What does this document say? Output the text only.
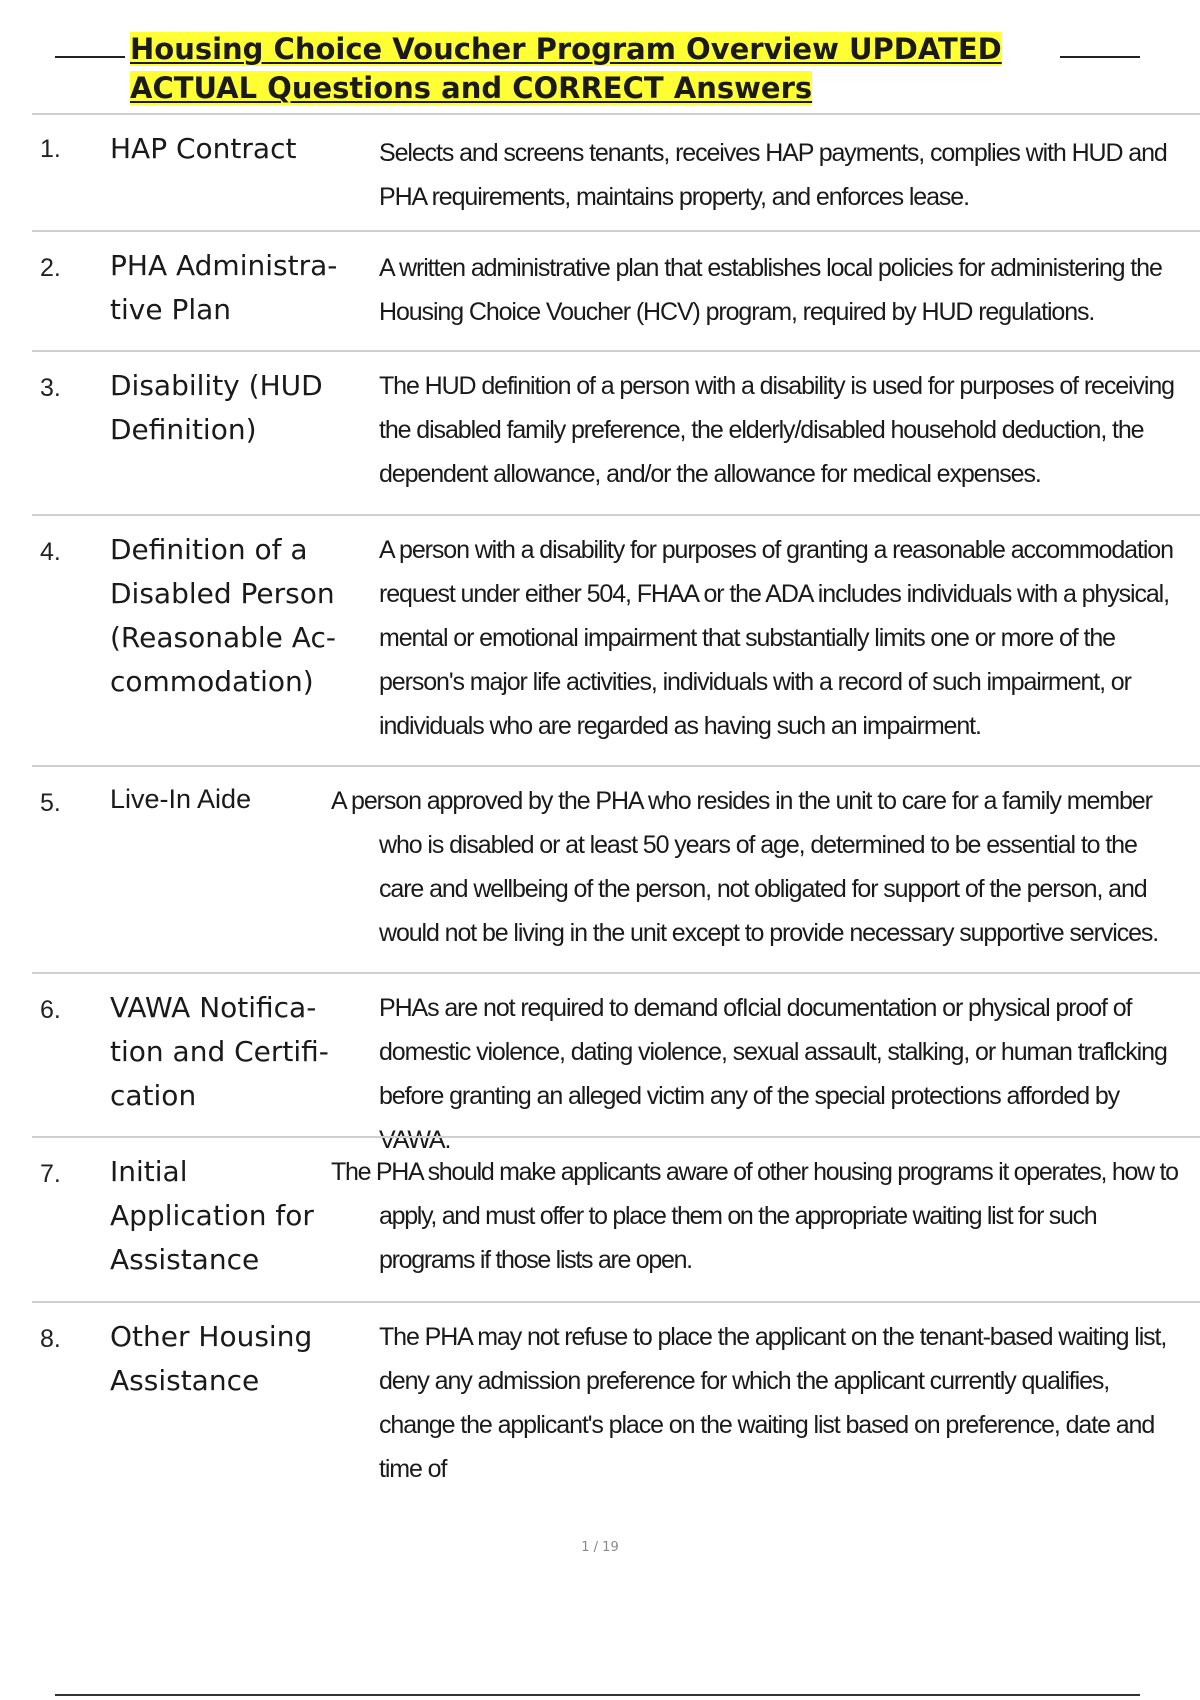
Housing Choice Voucher Program Overview UPDATED
ACTUAL Questions and CORRECT Answers
1. HAP Contract	Selects and screens tenants, receives HAP payments, complies with HUD and PHA requirements, maintains property, and enforces lease.
2. PHA Administra- tive Plan
A written administrative plan that establishes local policies for administering the Housing Choice Voucher (HCV) program, required by HUD regulations.
3. Disability (HUD Definition)
The HUD definition of a person with a disability is used for purposes of receiving the disabled family preference, the elderly/disabled household deduction, the dependent allowance, and/or the allowance for medical expenses.
4. Definition of a Disabled Person (Reasonable Ac- commodation)
A person with a disability for purposes of granting a reasonable accommodation request under either 504, FHAA or the ADA includes individuals with a physical, mental or emotional impairment that substantially limits one or more of the person's major life activities, individuals with a record of such impairment, or individuals who are regarded as having such an impairment.
5. Live-In Aide	A person approved by the PHA who resides in the unit to care for a family member who is disabled or at least 50 years of age, determined to be essential to the care and wellbeing of the person, not obligated for support of the person, and would not be living in the unit except to provide necessary supportive services.
6. VAWA Notifica- tion and Certifi- cation
PHAs are not required to demand ofIcial documentation or physical proof of domestic violence, dating violence, sexual assault, stalking, or human traflcking before granting an alleged victim any of the special protections afforded by VAWA.
7. Initial Application for Assistance
The PHA should make applicants aware of other housing programs it operates, how to apply, and must offer to place them on the appropriate waiting list for such programs if those lists are open.
8. Other Housing Assistance
The PHA may not refuse to place the applicant on the tenant-based waiting list, deny any admission preference for which the applicant currently qualifies, change the applicant's place on the waiting list based on preference, date and time of
1 / 19
